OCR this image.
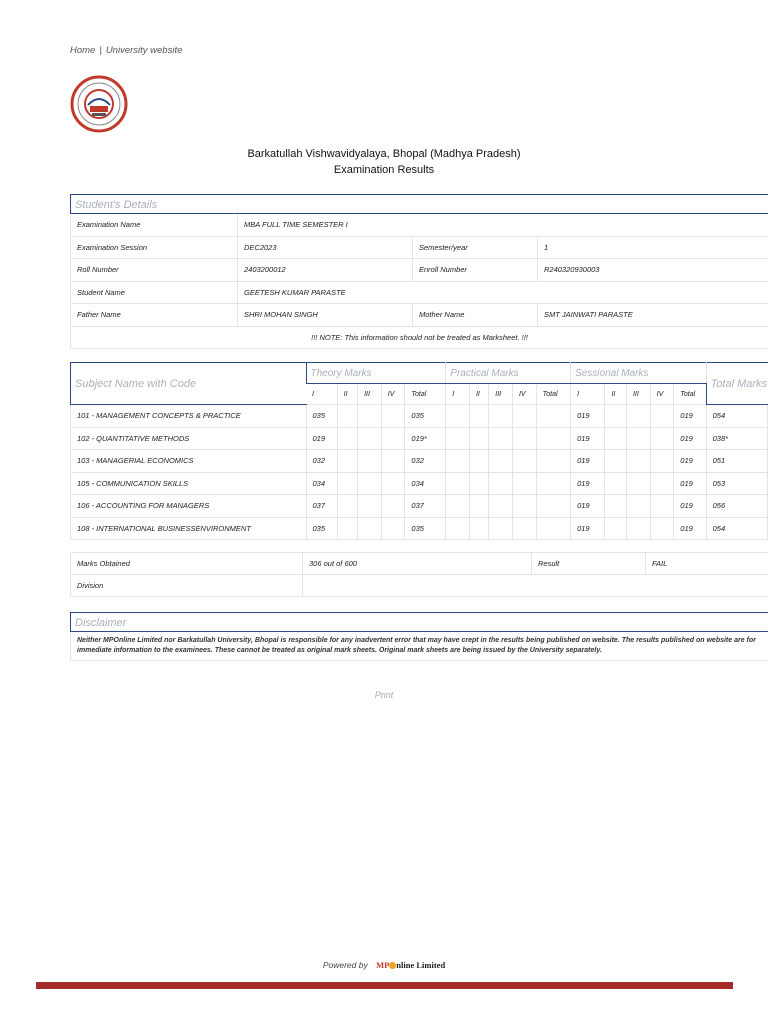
Home | University website
Barkatullah Vishwavidyalaya, Bhopal (Madhya Pradesh)
Examination Results
Student's Details
Examination Name	MBA FULL TIME SEMESTER I		
Examination Session	DEC2023	Semester/year	1
Roll Number	2403200012	Enroll Number	R240320930003
Student Name	GEETESH KUMAR PARASTE		
Father Name	SHRI MOHAN SINGH	Mother Name	SMT JAINWATI PARASTE
!!! NOTE: This information should not be treated as Marksheet. !!!			
Subject Name with Code	Theory Marks					Practical Marks					Sessional Marks					Total Marks
	I	II	III	IV	Total	I	II	III	IV	Total	I	II	III	IV	Total	
101 - MANAGEMENT CONCEPTS & PRACTICE	035				035						019				019	054
102 - QUANTITATIVE METHODS	019				019*						019				019	038*
103 - MANAGERIAL ECONOMICS	032				032						019				019	051
105 - COMMUNICATION SKILLS	034				034						019				019	053
106 - ACCOUNTING FOR MANAGERS	037				037						019				019	056
108 - INTERNATIONAL BUSINESSENVIRONMENT	035				035						019				019	054
Marks Obtained	306 out of 600	Result	FAIL
Division			
Disclaimer
Neither MPOnline Limited nor Barkatullah University, Bhopal is responsible for any inadvertent error that may have crept in the results being published on website. The results published on website are for immediate information to the examinees. These cannot be treated as original mark sheets. Original mark sheets are being issued by the University separately.
Print
Powered by MP nline Limited
